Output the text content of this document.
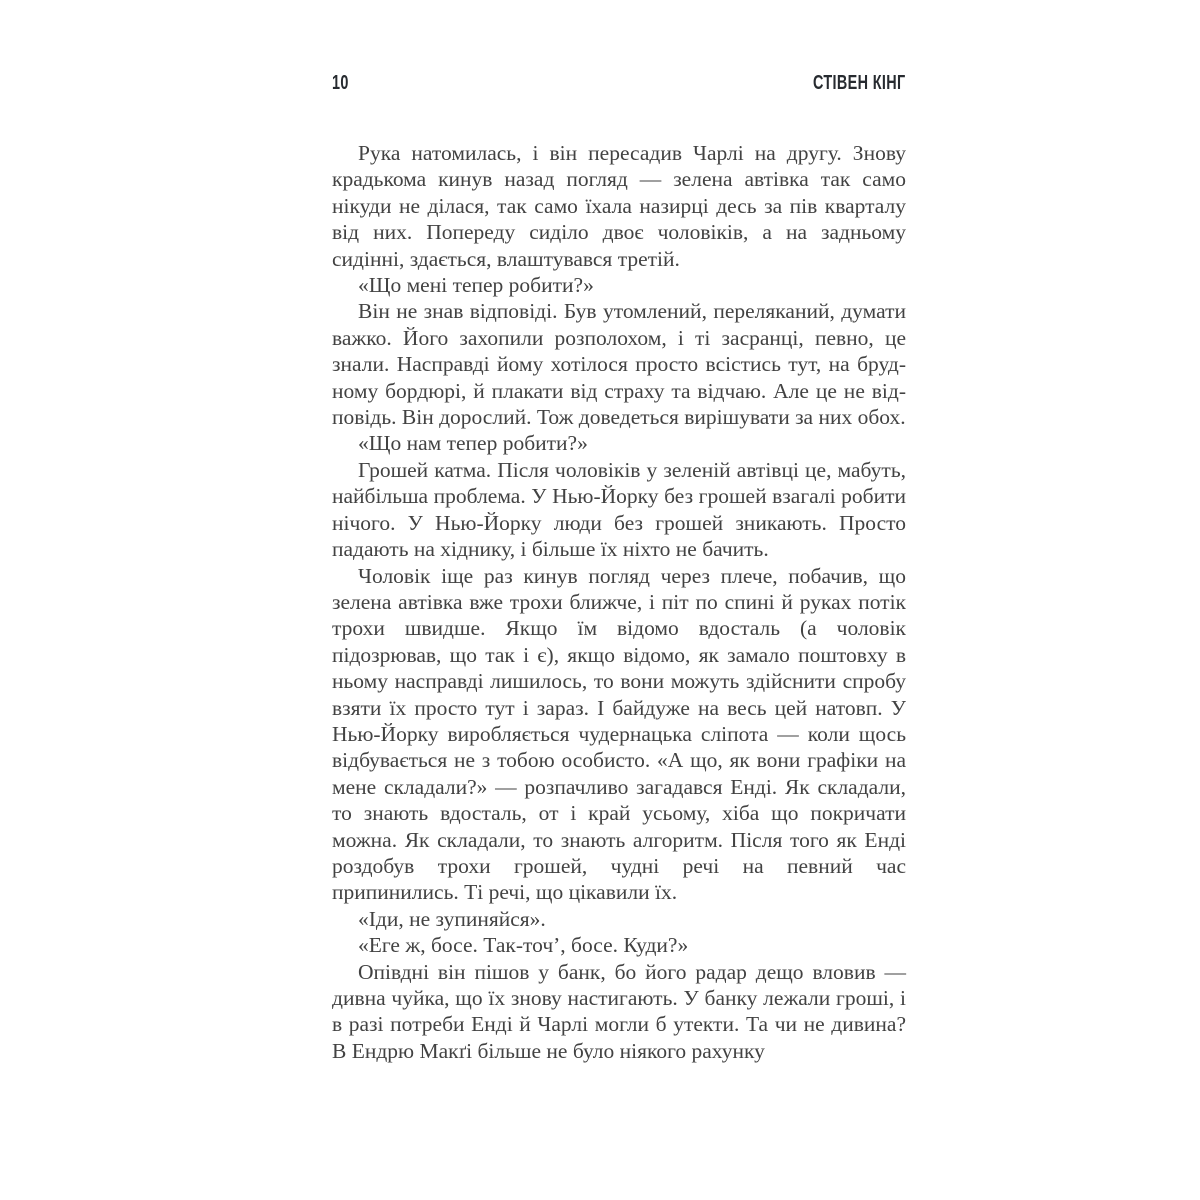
10	СТІВЕН КІНГ

Рука натомилась, і він пересадив Чарлі на другу. Знову крадькома кинув назад погляд — зелена автівка так само нікуди не ділася, так само їхала назирці десь за пів кварталу від них. Попереду сиділо двоє чоловіків, а на задньому сидінні, здається, влаштувався третій.

«Що мені тепер робити?»

Він не знав відповіді. Був утомлений, переляканий, думати важко. Його захопили розполохом, і ті засранці, певно, це знали. Насправді йому хотілося просто всістись тут, на брудному бордюрі, й плакати від страху та відчаю. Але це не відповідь. Він дорослий. Тож доведеться вирішувати за них обох.

«Що нам тепер робити?»

Грошей катма. Після чоловіків у зеленій автівці це, мабуть, найбільша проблема. У Нью-Йорку без грошей взагалі робити нічого. У Нью-Йорку люди без грошей зникають. Просто падають на хіднику, і більше їх ніхто не бачить.

Чоловік іще раз кинув погляд через плече, побачив, що зелена автівка вже трохи ближче, і піт по спині й руках потік трохи швидше. Якщо їм відомо вдосталь (а чоловік підозрював, що так і є), якщо відомо, як замало поштовху в ньому насправді лишилось, то вони можуть здійснити спробу взяти їх просто тут і зараз. І байдуже на весь цей натовп. У Нью-Йорку виробляється чудернацька сліпота — коли щось відбувається не з тобою особисто. «А що, як вони графіки на мене складали?» — розпачливо загадався Енді. Як складали, то знають вдосталь, от і край усьому, хіба що покричати можна. Як складали, то знають алгоритм. Після того як Енді роздобув трохи грошей, чудні речі на певний час припинились. Ті речі, що цікавили їх.

«Іди, не зупиняйся».

«Еге ж, босе. Так-точ’, босе. Куди?»

Опівдні він пішов у банк, бо його радар дещо вловив — дивна чуйка, що їх знову настигають. У банку лежали гроші, і в разі потреби Енді й Чарлі могли б утекти. Та чи не дивина? В Ендрю Макґі більше не було ніякого рахунку
